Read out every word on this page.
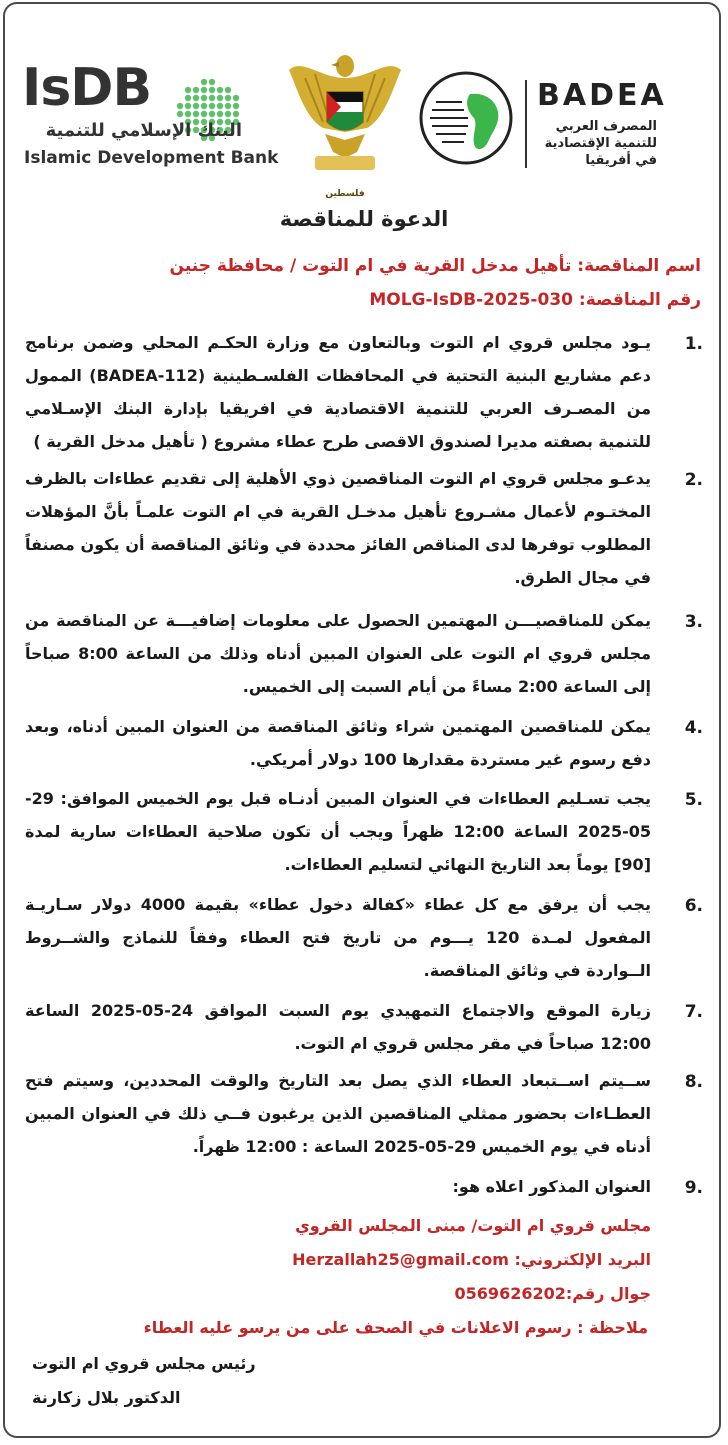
IsDB
البنك الإسلامي للتنمية
Islamic Development Bank
فلسطين
BADEA
المصرف العربي
للتنمية الإقتصادية
في أفريقيا
الدعوة للمناقصة
اسم المناقصة: تأهيل مدخل القرية في ام التوت / محافظة جنين
رقم المناقصة: MOLG-IsDB-2025-030
1.
يـود مجلس قروي ام التوت وبالتعاون مع وزارة الحكـم المحلي وضمن برنامج دعم مشاريع البنية التحتية في المحافظات الفلسـطينية (BADEA-112) الممول من المصـرف العربي للتنمية الاقتصادية في افريقيا بإدارة البنك الإسـلامي للتنمية بصفته مديرا لصندوق الاقصى طرح عطاء مشروع ( تأهيل مدخل القرية )
2.
يدعـو مجلس قروي ام التوت المناقصين ذوي الأهلية إلى تقديم عطاءات بالظرف المختـوم لأعمال مشـروع تأهيل مدخـل القرية في ام التوت علمـاً بأنَّ المؤهلات المطلوب توفرها لدى المناقص الفائز محددة في وثائق المناقصة أن يكون مصنفاً في مجال الطرق.
3.
يمكن للمناقصيـــن المهتمين الحصول على معلومات إضافيـــة عن المناقصة من مجلس قروي ام التوت على العنوان المبين أدناه وذلك من الساعة 8:00 صباحاً إلى الساعة 2:00 مساءً من أيام السبت إلى الخميس.
4.
يمكن للمناقصين المهتمين شراء وثائق المناقصة من العنوان المبين أدناه، وبعد دفع رسوم غير مستردة مقدارها 100 دولار أمريكي.
5.
يجب تسـليم العطاءات في العنوان المبين أدنـاه قبل يوم الخميس الموافق: 29-05-2025 الساعة 12:00 ظهراً ويجب أن تكون صلاحية العطاءات سارية لمدة [90] يوماً بعد التاريخ النهائي لتسليم العطاءات.
6.
يجب أن يرفق مع كل عطاء «كفالة دخول عطاء» بقيمة 4000 دولار سـاريـة المفعول لمـدة 120 يـــوم من تاريخ فتح العطاء وفقاً للنماذج والشــروط الــواردة في وثائق المناقصة.
7.
زيارة الموقع والاجتماع التمهيدي يوم السبت الموافق 24-05-2025 الساعة 12:00 صباحاً في مقر مجلس قروي ام التوت.
8.
ســيتم اســتبعاد العطاء الذي يصل بعد التاريخ والوقت المحددين، وسيتم فتح العطـاءات بحضور ممثلي المناقصين الذين يرغبون فــي ذلك في العنوان المبين أدناه في يوم الخميس 29-05-2025 الساعة : 12:00 ظهراً.
9.
العنوان المذكور اعلاه هو:
مجلس قروي ام التوت/ مبنى المجلس القروي
البريد الإلكتروني: Herzallah25@gmail.com
جوال رقم:0569626202
ملاحظة : رسوم الاعلانات في الصحف على من يرسو عليه العطاء
رئيس مجلس قروي ام التوت
الدكتور بلال زكارنة
